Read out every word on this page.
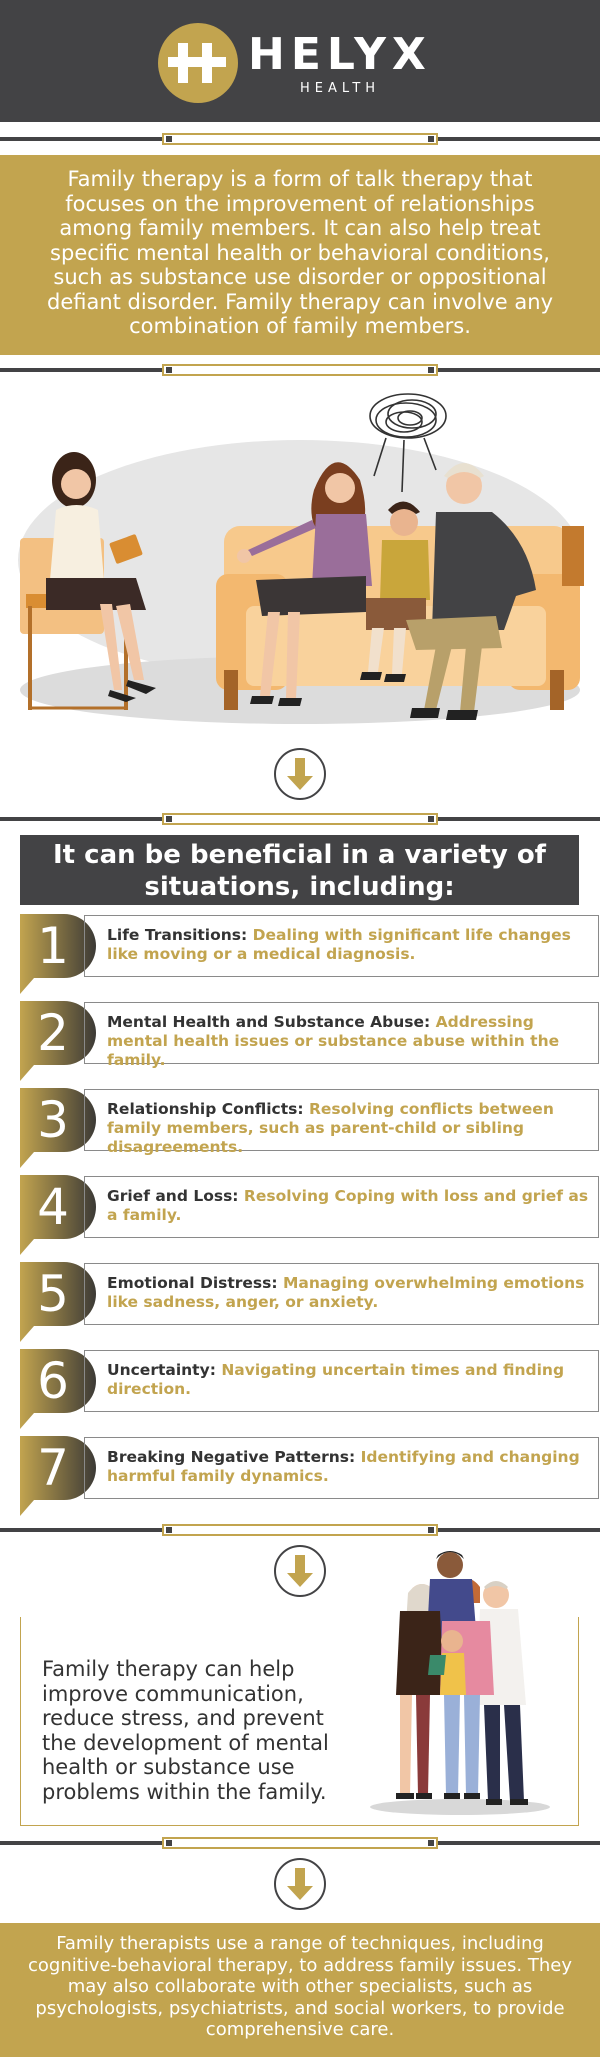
HELYX
HEALTH
Family therapy is a form of talk therapy that focuses on the improvement of relationships among family members. It can also help treat specific mental health or behavioral conditions, such as substance use disorder or oppositional defiant disorder. Family therapy can involve any combination of family members.
It can be beneficial in a variety of situations, including:
1	Life Transitions: Dealing with significant life changes like moving or a medical diagnosis.
2	Mental Health and Substance Abuse: Addressing mental health issues or substance abuse within the family.
3	Relationship Conflicts: Resolving conflicts between family members, such as parent-child or sibling disagreements.
4	Grief and Loss: Resolving Coping with loss and grief as a family.
5	Emotional Distress: Managing overwhelming emotions like sadness, anger, or anxiety.
6	Uncertainty: Navigating uncertain times and finding direction.
7	Breaking Negative Patterns: Identifying and changing harmful family dynamics.
Family therapy can help improve communication, reduce stress, and prevent the development of mental health or substance use problems within the family.
Family therapists use a range of techniques, including cognitive-behavioral therapy, to address family issues. They may also collaborate with other specialists, such as psychologists, psychiatrists, and social workers, to provide comprehensive care.
